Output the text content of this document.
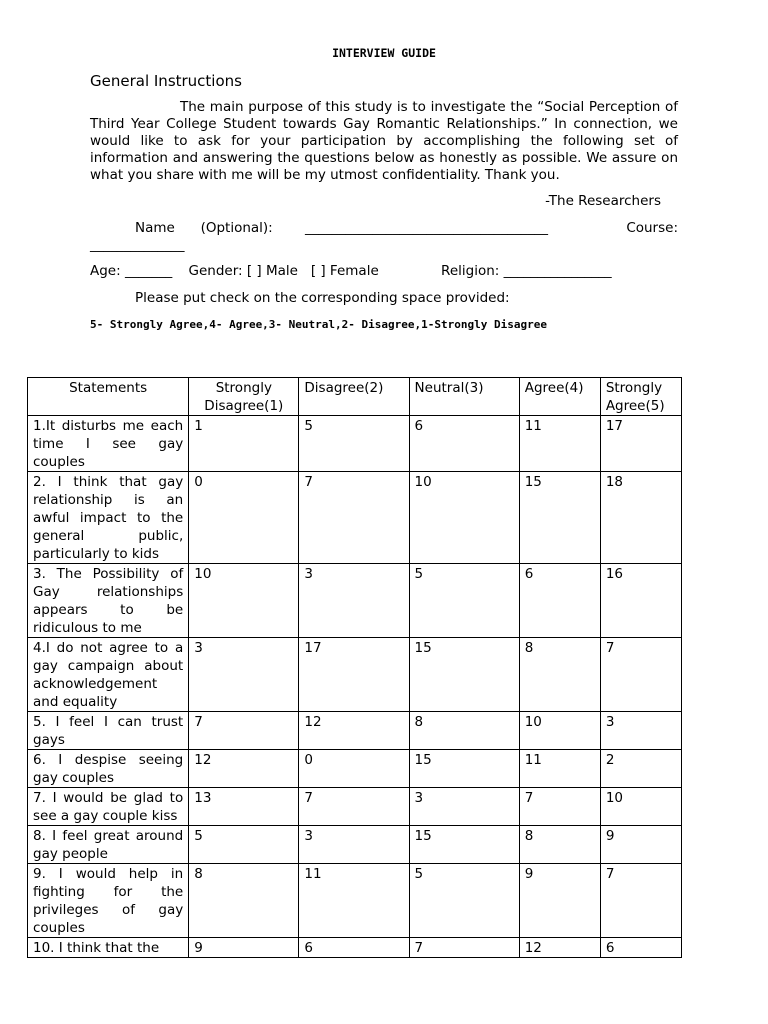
INTERVIEW GUIDE
General Instructions
The main purpose of this study is to investigate the “Social Perception of Third Year College Student towards Gay Romantic Relationships.” In connection, we would like to ask for your participation by accomplishing the following set of information and answering the questions below as honestly as possible. We assure on what you share with me will be my utmost confidentiality. Thank you.
-The Researchers
Name      (Optional): ____________________________________	Course:
______________
Age: _______ Gender: [ ] Male   [ ] Female	Religion: ________________
Please put check on the corresponding space provided:
5- Strongly Agree,4- Agree,3- Neutral,2- Disagree,1-Strongly Disagree
Statements	Strongly Disagree(1)	Disagree(2)	Neutral(3)	Agree(4)	Strongly Agree(5)
1.It disturbs me each time I see gay couples	1	5	6	11	17
2. I think that gay relationship is an awful impact to the general public, particularly to kids	0	7	10	15	18
3. The Possibility of Gay relationships appears to be ridiculous to me	10	3	5	6	16
4.I do not agree to a gay campaign about acknowledgement and equality	3	17	15	8	7
5. I feel I can trust gays	7	12	8	10	3
6. I despise seeing gay couples	12	0	15	11	2
7. I would be glad to see a gay couple kiss	13	7	3	7	10
8. I feel great around gay people	5	3	15	8	9
9. I would help in fighting for the privileges of gay couples	8	11	5	9	7
10. I think that the	9	6	7	12	6
